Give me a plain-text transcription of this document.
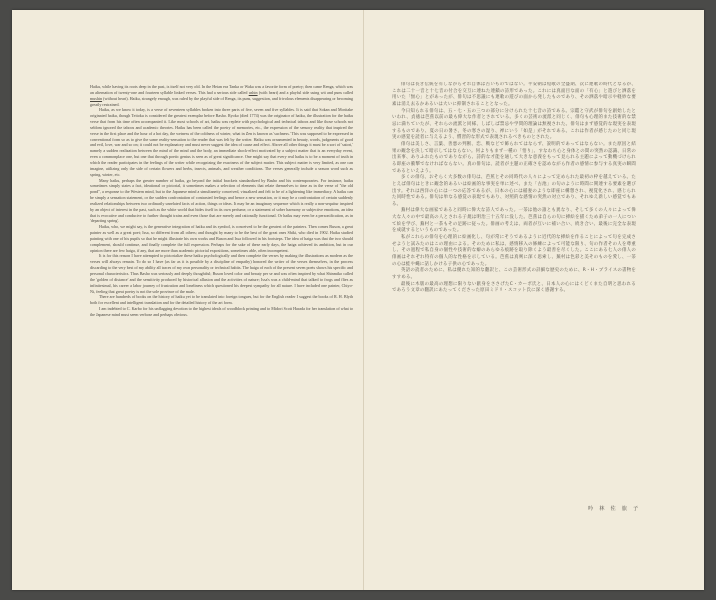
Haiku, while having its roots deep in the past, is itself not very old. In the Heian era Tanka or Waka was a favorite form of poetry; then came Renga, which was an alternation of twenty-one and fourteen syllable linked verses. This had a serious side called ushin (with heart) and a playful side using wit and puns called mushin (without heart). Haiku, strangely enough, was ruled by the playful side of Renga, its puns, suggestion, and frivolous elements disappearing or becoming greatly restrained.

Haiku, as we know it today, is a verse of seventeen syllables broken into three parts of five, seven and five syllables. It is said that Sokan and Moritake originated haiku, though Teitoku is considered the greatest exemplar before Basho. Ryoko (died 1774) was the originator of haiku, the illustration for the haiku verse that from his time often accompanied it. Like most schools of art, haiku was replete with psychological and technical taboos and like those schools not seldom ignored the taboos and academic theories. Haiku has been called the poetry of memories, etc., the expression of the sensory reality that inspired the verse in the first place and the hour of a hot day, the wetness of the coldness of winter, what in Zen is known as 'suchness.' This was supposed to be expressed in conventional form so as to give the same reality-sensation to the reader that was felt by the writer. Haiku was ornamented in beauty, words, judgments of good and evil, love, war and so on; it could not be explanatory and must never suggest the idea of cause and effect. Above all other things it must be a sort of 'satori,' namely a sudden realization between the mind of the mind and the body, an immediate shock-effect motivated by a subject matter that is an everyday event, even a commonplace one, but one that through poetic genius is seen as of great significance. One might say that every real haiku is to be a moment of truth in which the reader participates in the feelings of the writer while recognizing the exactness of the subject matter. This subject matter is very limited, as one can imagine, utilizing only the side of certain flowers and herbs, insects, animals, and weather conditions. The verses generally include a season word such as spring, winter, etc.

Many haiku, perhaps the greater number of haiku, go beyond the initial brackets standardized by Basho and his contemporaries. For instance, haiku sometimes simply states a fact, ideational or pictorial, it sometimes makes a selection of elements that relate themselves to time as in the verse of "the old pond", a response to the Western mind, but to the Japanese mind a simultaneity conceived, visualized and felt to be of a lightening like immediacy. A haiku can be simply a sensation statement, or the sudden confrontation of contrasted feelings and hence a new sensation, or it may be a confrontation of certain suddenly realized relationships between two ordinarily unrelated facts of action, things or ideas. It may be an imaginary sequence which is really a non-sequitur inspired by an object of interest in the past, such as the white world that hides itself in its own perfume, or a statement of sober harmony or subjective emotions, an idea that is evocative and conducive to further thought trains and even those that are merely and rationally functional. Or haiku may even be a personification, as in 'departing spring'.

Haiku, who, we might say, is the generative integration of haiku and its symbol, is conceived to be the greatest of the painters. Then comes Buson, a great painter as well as a great poet; Issa, so different from all others; and thought by many to be the best of the great ones Shiki, who died in 1902. Haiku studied painting with one of his pupils so that he might illustrate his own works and Buson and Issa followed in his footsteps. The idea of haiga was that the two should complement, should continue, and finally complete the full expression. Perhaps for the sake of these early days, the haiga achieved its ambition, but in our opinion there are few haiga, if any, that are more than academic pictorial expositions, sometimes able, often incompetent.

It is for this reason I have attempted to pictorialize these haiku psychologically and then complete the verses by making the illustrations as modern as the verses will always remain. To do so I have (as far as it is possible by a discipline of empathy) honored the writer of the verses themselves, in the process discarding to the very best of my ability all traces of my own personality or technical habits. The haiga of each of the present seven poets shows his specific and personal characteristics. Thus Basho was seriously and deeply thoughtful; Buson loved color and beauty per se and was often inspired by what Shinmiko called the 'golden of distance' and the sensitivity produced by historical allusion and the activities of nature; Issa's was a child-mind that talked to frogs and flies as infinitesimal, his career a labor journey of frustration and loneliness which questioned his deepest sympathy for all nature. I have included one painter, Chiyo-Ni, feeling that great poetry is not the sole province of the male.

There are hundreds of books on the history of haiku yet to be translated into foreign tongues, but for the English reader I suggest the books of R. H. Blyth both for excellent and intelligent translation and for the detailed history of the art form.

I am indebted to C. Karbo for his unflagging devotion to the highest ideals of woodblock printing and to Midori Scott Harada for her translation of what to the Japanese mind must seem verbose and perhaps obvious.

俳句は長き伝統を有しながらそれ自体は古いものではない。平安朝は短歌の全盛期、次に連歌の時代となるが、これは二十一音と十七音の付合を交互に連ねた連鎖の詩形であった。これには真面目な面の「有心」と遊びと洒落を用いた「無心」とがあったが、俳句は不思議にも連歌の遊びの面から発したものであり、その洒落や暗示や軽妙な要素は消え去るかあるいは大いに抑制されることとなった。

今日知られる俳句は、五・七・五の三つの部分に分けられた十七音の詩である。宗鑑と守武が俳句を創始したといわれ、貞徳は芭蕉以前の最も偉大な作者とされている。多くの芸術の流派と同じく、俳句も心理的また技術的な禁忌に満ちていたが、それらの流派と同様、しばしば禁忌や学問的理論は無視された。俳句はまず感覚的な現実を表現するものであり、夏の日の暑さ、冬の寒さの湿り、禅にいう「如是」がそれである。これは作者が感じたのと同じ現実の感覚を読者に与えるよう、慣習的な形式で表現されるべきものとされた。

俳句は美しさ、言葉、善悪の判断、恋、戦などで飾られてはならず、説明的であってはならない。また原因と結果の観念を決して暗示してはならない。何よりもまず一種の「悟り」、すなわち心と身体との間の突然の認識、日常の出来事、ありふれたものでありながら、詩的な才能を通して大きな意義をもって見られる主題によって動機づけられる即座の衝撃でなければならない。真の俳句は、読者が主題の正確さを認めながら作者の感情に参与する真実の瞬間であるといえよう。

多くの俳句、おそらく大多数の俳句は、芭蕉とその同時代の人々によって定められた最初の枠を越えている。たとえば俳句はときに観念的あるいは絵画的な事実を単に述べ、また「古池」の句のように時間に関連する要素を選び出す。それは西洋の心には一つの応答であるが、日本の心には稲妻のような即座に構想され、視覚化され、感じられた同時性である。俳句は単なる感覚の表現でもあり、対照的な感情の突然の対立であり、それゆえ新しい感覚でもある。

蕪村は偉大な画家であると同時に偉大な詩人であった。一茶は他の誰とも異なり、そして多くの人々によって偉大な人々の中で最高の人とされる子規は明治三十五年に没した。芭蕉は自らの句に挿絵を描くため弟子の一人について絵を学び、蕪村と一茶もその足跡に従った。俳画の考えは、両者が互いに補い合い、続き合い、最後に完全な表現を成就するというものであった。

私がこれらの俳句を心理的に絵画化し、句が常にそうであるように近代的な挿絵を作ることによって句を完成させようと試みたのはこの理由による。そのために私は、感情移入の修練によって可能な限り、句の作者その人を尊重し、その過程で私自身の個性や技術的な癖のあらゆる痕跡を取り除くよう最善を尽くした。ここにある七人の俳人の俳画はそれぞれ特有の個人的な性格を示している。芭蕉は真剣に深く思索し、蕪村は色彩と美そのものを愛し、一茶の心は蛙や蝿に話しかける子供の心であった。

英語の読者のために、私は優れた知的な翻訳と、この芸術形式の詳細な歴史のために、R・H・ブライスの書物をすすめる。

最後に木版の最高の理想に限りない献身をささげたC・カーボ氏と、日本人の心にはくどくまた自明と思われるであろう文章の翻訳にあたってくださった原田ミドリ・スコット氏に深く感謝する。

吟 林 佐 旅 子
